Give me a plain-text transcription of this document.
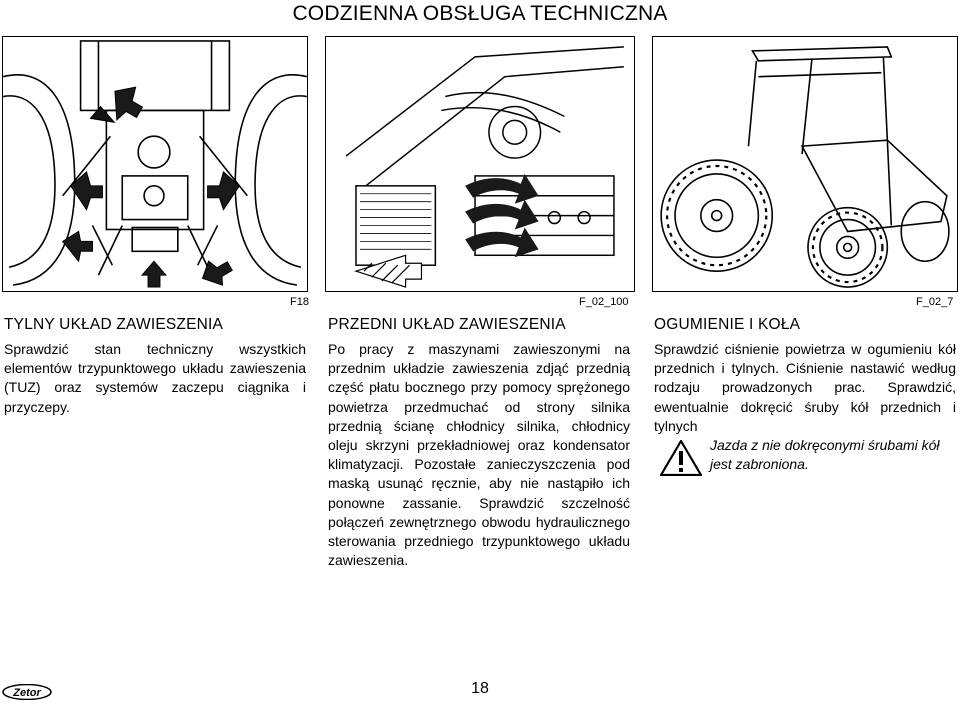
CODZIENNA OBSŁUGA TECHNICZNA
F18	F_02_100	F_02_7
TYLNY UKŁAD ZAWIESZENIA

Sprawdzić stan techniczny wszystkich elementów trzypunktowego układu zawieszenia (TUZ) oraz systemów zaczepu ciągnika i przyczepy.

PRZEDNI UKŁAD ZAWIESZENIA

Po pracy z maszynami zawieszonymi na przednim układzie zawieszenia zdjąć przednią część płatu bocznego przy pomocy sprężonego powietrza przedmuchać od strony silnika przednią ścianę chłodnicy silnika, chłodnicy oleju skrzyni przekładniowej oraz kondensator klimatyzacji. Pozostałe zanieczyszczenia pod maską usunąć ręcznie, aby nie nastąpiło ich ponowne zassanie. Sprawdzić szczelność połączeń zewnętrznego obwodu hydraulicznego sterowania przedniego trzypunktowego układu zawieszenia.

OGUMIENIE I KOŁA

Sprawdzić ciśnienie powietrza w ogumieniu kół przednich i tylnych. Ciśnienie nastawić według rodzaju prowadzonych prac. Sprawdzić, ewentualnie dokręcić śruby kół przednich i tylnych

Jazda z nie dokręconymi śrubami kół jest zabroniona.
Zetor	18
